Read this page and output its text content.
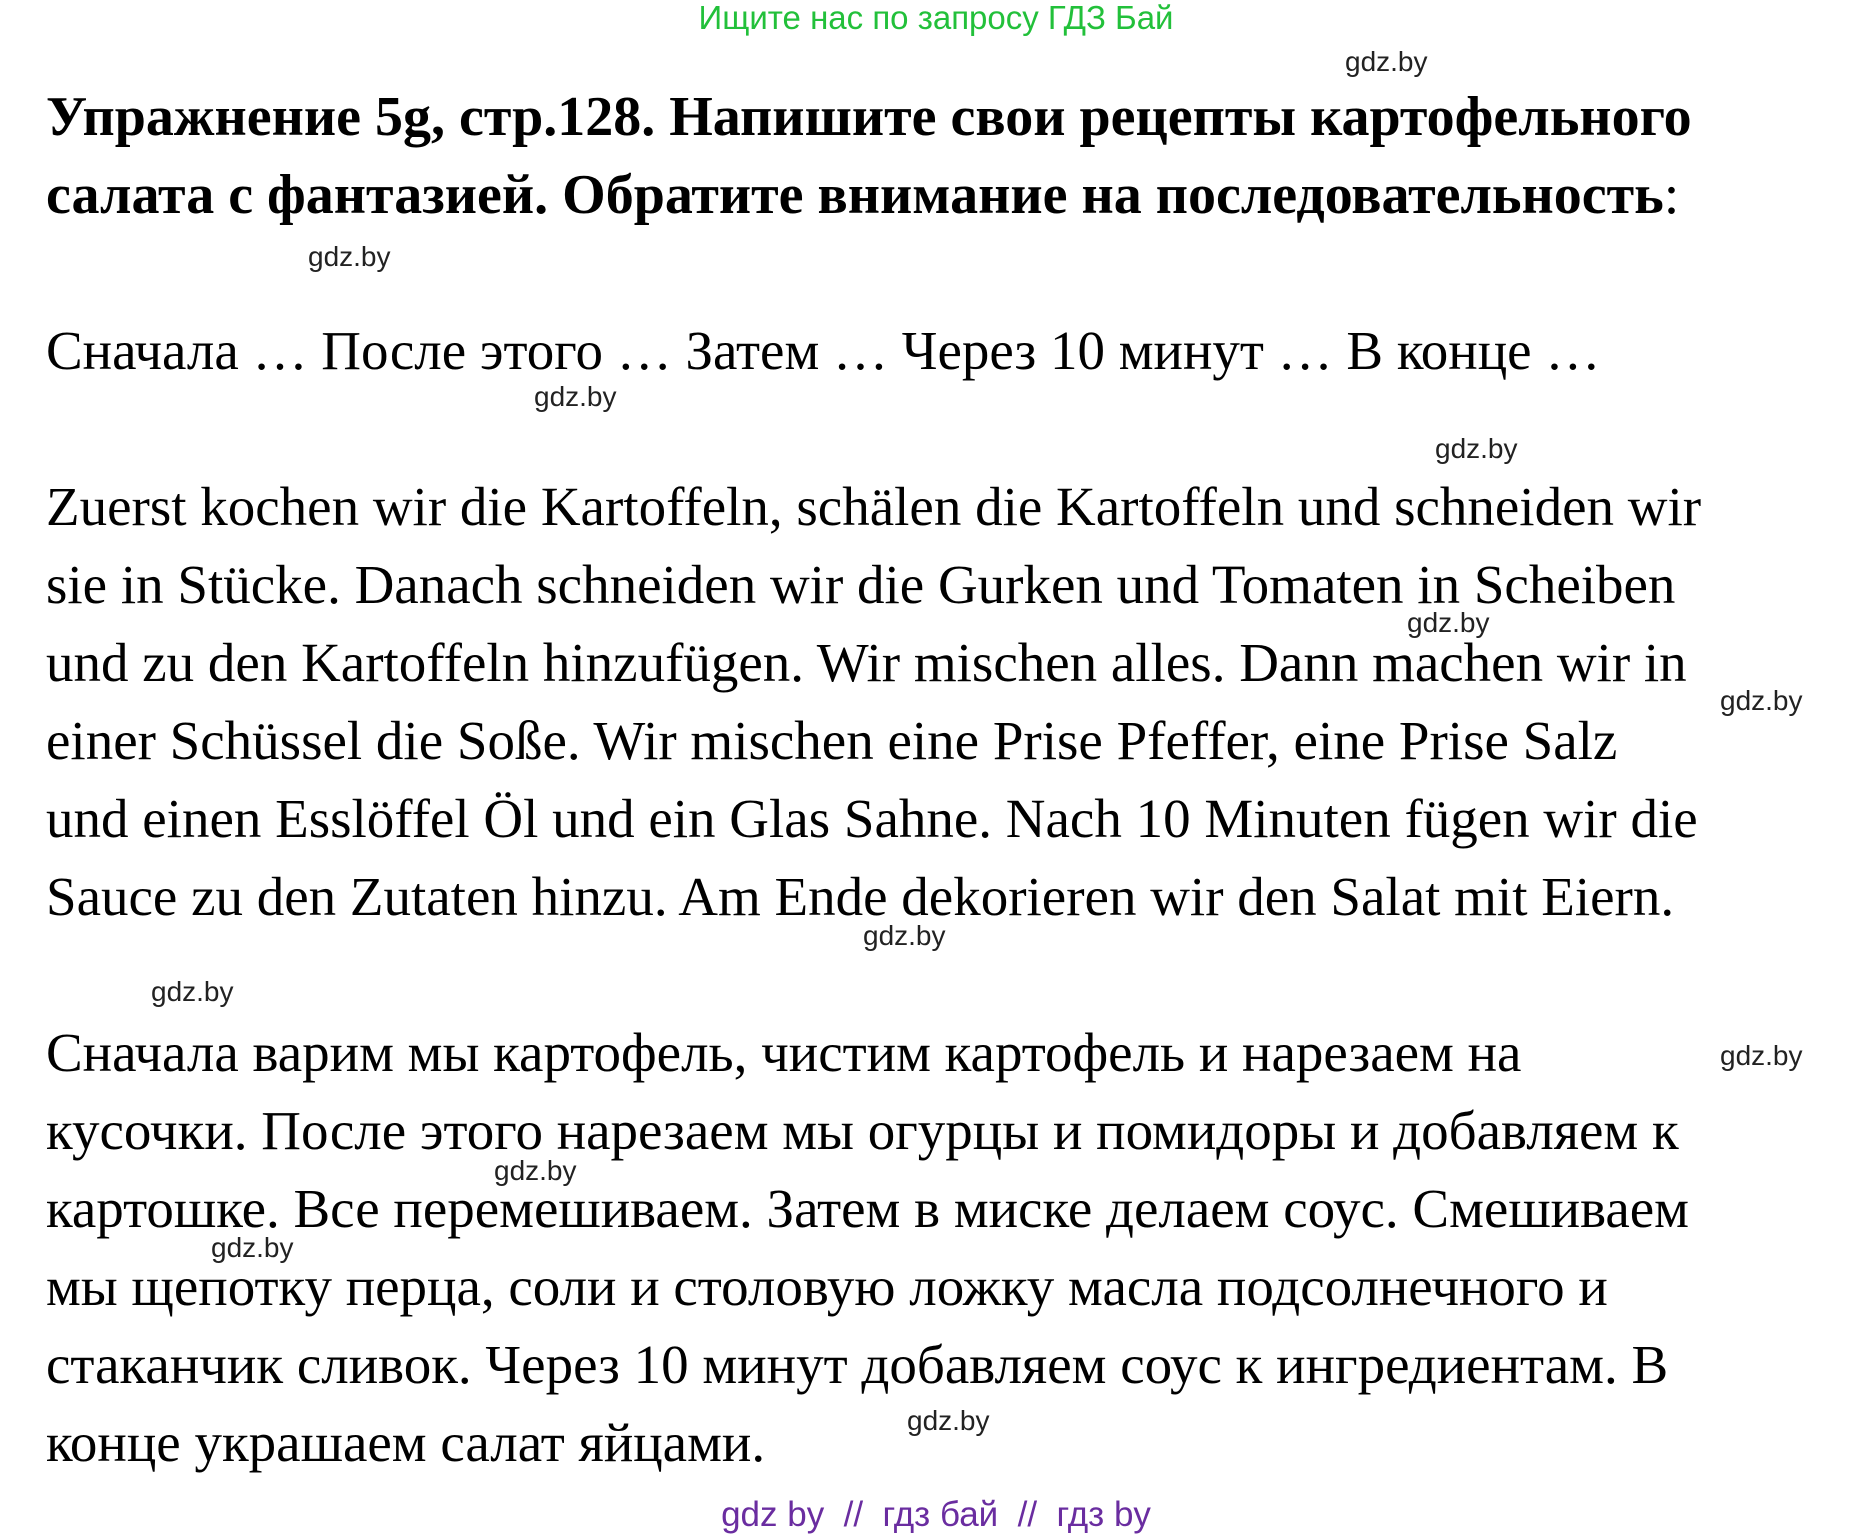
Ищите нас по запросу ГДЗ Бай
gdz.by
Упражнение 5g, стр.128. Напишите свои рецепты картофельного
салата с фантазией. Обратите внимание на последовательность:
gdz.by

Сначала … После этого … Затем … Через 10 минут … В конце …

gdz.by
gdz.by

Zuerst kochen wir die Kartoffeln, schälen die Kartoffeln und schneiden wir
sie in Stücke. Danach schneiden wir die Gurken und Tomaten in Scheiben
und zu den Kartoffeln hinzufügen. Wir mischen alles. Dann machen wir in
einer Schüssel die Soße. Wir mischen eine Prise Pfeffer, eine Prise Salz
und einen Esslöffel Öl und ein Glas Sahne. Nach 10 Minuten fügen wir die
Sauce zu den Zutaten hinzu. Am Ende dekorieren wir den Salat mit Eiern.

gdz.by
gdz.by
gdz.by
gdz.by

Сначала варим мы картофель, чистим картофель и нарезаем на
кусочки. После этого нарезаем мы огурцы и помидоры и добавляем к
картошке. Все перемешиваем. Затем в миске делаем соус. Смешиваем
мы щепотку перца, соли и столовую ложку масла подсолнечного и
стаканчик сливок. Через 10 минут добавляем соус к ингредиентам. В
конце украшаем салат яйцами.

gdz.by
gdz.by
gdz.by
gdz.by
gdz by  //  гдз бай  //  гдз by
